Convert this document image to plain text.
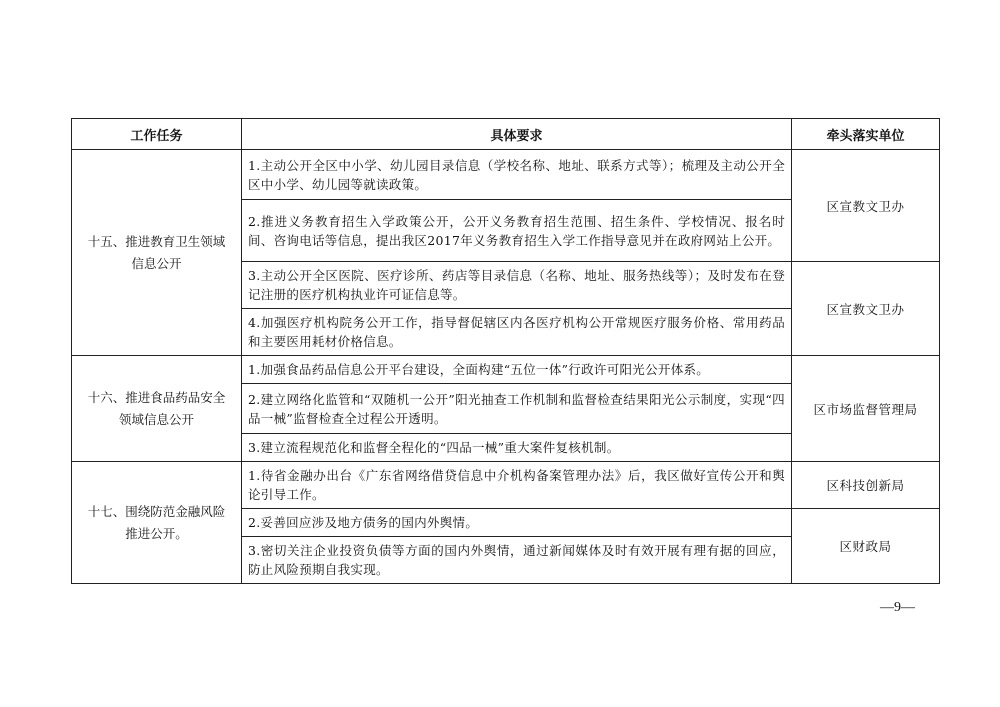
工作任务	具体要求	牵头落实单位
十五、推进教育卫生领域信息公开	1.主动公开全区中小学、幼儿园目录信息（学校名称、地址、联系方式等）；梳理及主动公开全区中小学、幼儿园等就读政策。	区宣教文卫办
	2.推进义务教育招生入学政策公开，公开义务教育招生范围、招生条件、学校情况、报名时间、咨询电话等信息，提出我区2017年义务教育招生入学工作指导意见并在政府网站上公开。	
	3.主动公开全区医院、医疗诊所、药店等目录信息（名称、地址、服务热线等）；及时发布在登记注册的医疗机构执业许可证信息等。	区宣教文卫办
	4.加强医疗机构院务公开工作，指导督促辖区内各医疗机构公开常规医疗服务价格、常用药品和主要医用耗材价格信息。	
十六、推进食品药品安全领域信息公开	1.加强食品药品信息公开平台建设，全面构建“五位一体”行政许可阳光公开体系。	区市场监督管理局
	2.建立网络化监管和“双随机一公开”阳光抽查工作机制和监督检查结果阳光公示制度，实现“四品一械”监督检查全过程公开透明。	
	3.建立流程规范化和监督全程化的“四品一械”重大案件复核机制。	
十七、围绕防范金融风险推进公开。	1.待省金融办出台《广东省网络借贷信息中介机构备案管理办法》后，我区做好宣传公开和舆论引导工作。	区科技创新局
	2.妥善回应涉及地方债务的国内外舆情。	区财政局
	3.密切关注企业投资负债等方面的国内外舆情，通过新闻媒体及时有效开展有理有据的回应，防止风险预期自我实现。	
—9—
